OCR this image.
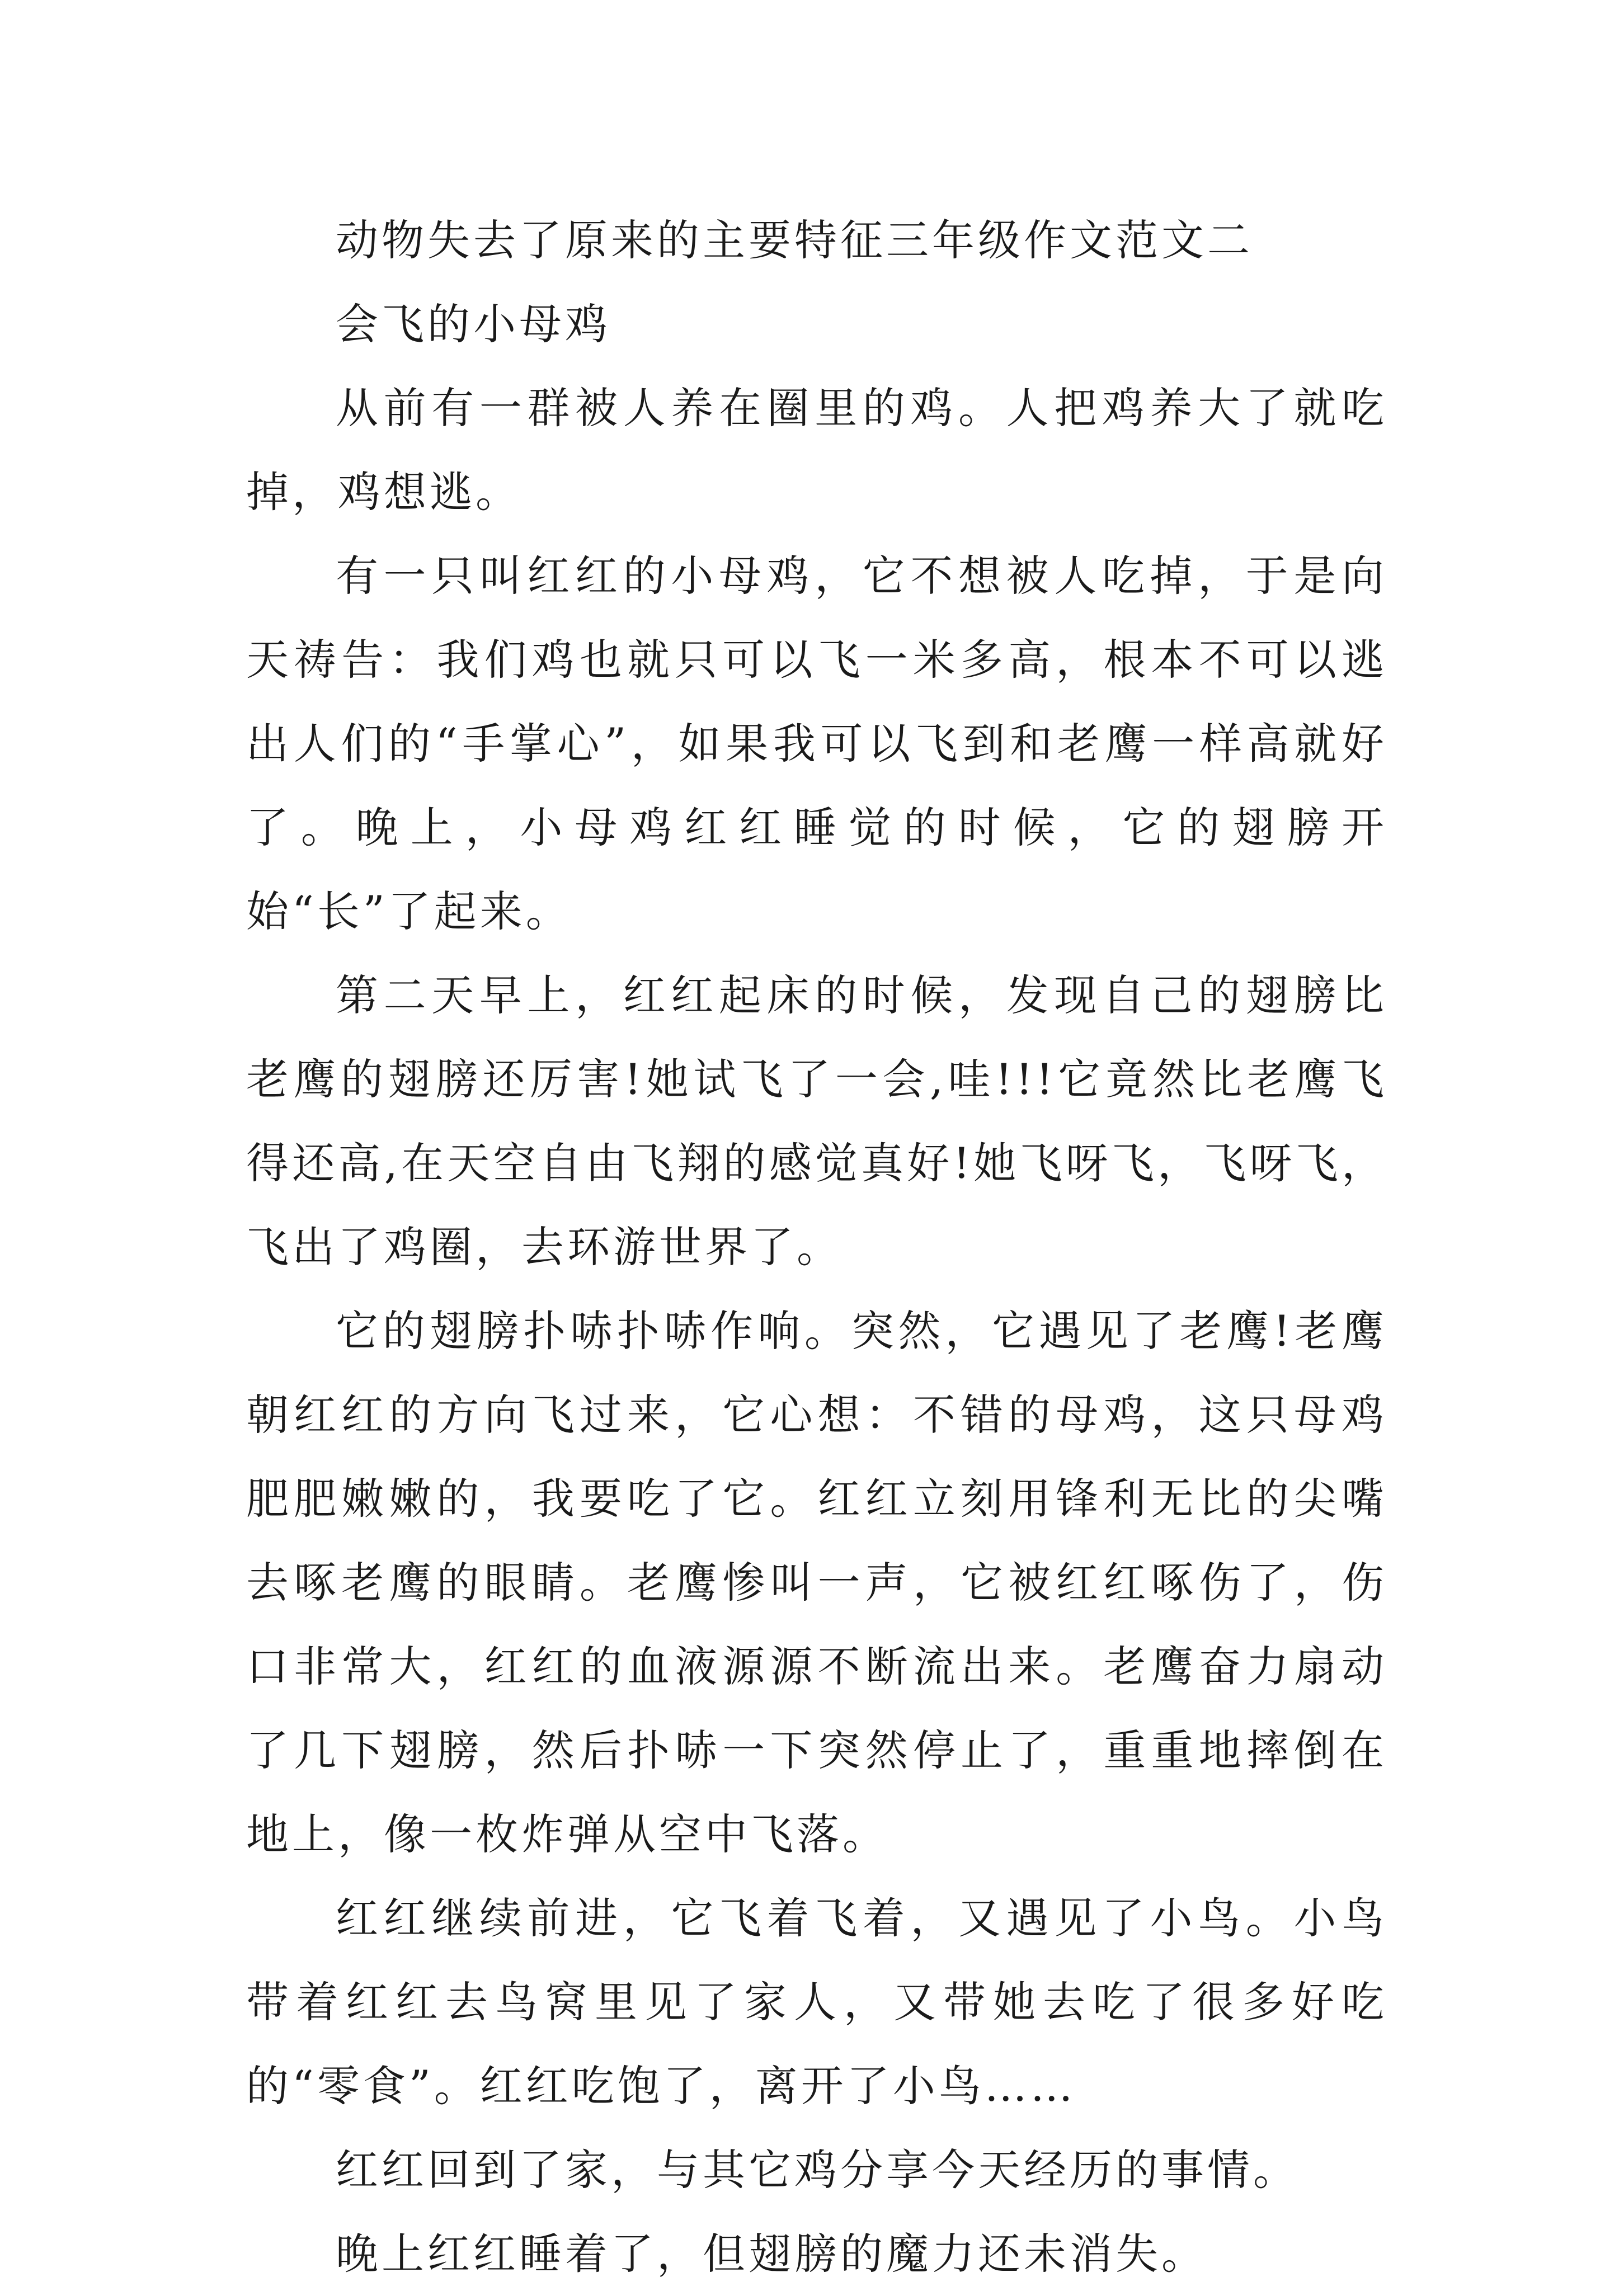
动物失去了原来的主要特征三年级作文范文二

会飞的小母鸡

从前有一群被人养在圈里的鸡。人把鸡养大了就吃掉，鸡想逃。

有一只叫红红的小母鸡，它不想被人吃掉，于是向天祷告：我们鸡也就只可以飞一米多高，根本不可以逃出人们的“手掌心”，如果我可以飞到和老鹰一样高就好了。晚上，小母鸡红红睡觉的时候，它的翅膀开始“长”了起来。

第二天早上，红红起床的时候，发现自己的翅膀比老鹰的翅膀还厉害!她试飞了一会,哇!!!它竟然比老鹰飞得还高,在天空自由飞翔的感觉真好!她飞呀飞，飞呀飞，飞出了鸡圈，去环游世界了。

它的翅膀扑哧扑哧作响。突然，它遇见了老鹰!老鹰朝红红的方向飞过来，它心想：不错的母鸡，这只母鸡肥肥嫩嫩的，我要吃了它。红红立刻用锋利无比的尖嘴去啄老鹰的眼睛。老鹰惨叫一声，它被红红啄伤了，伤口非常大，红红的血液源源不断流出来。老鹰奋力扇动了几下翅膀，然后扑哧一下突然停止了，重重地摔倒在地上，像一枚炸弹从空中飞落。

红红继续前进，它飞着飞着，又遇见了小鸟。小鸟带着红红去鸟窝里见了家人，又带她去吃了很多好吃的“零食”。红红吃饱了，离开了小鸟……

红红回到了家，与其它鸡分享今天经历的事情。

晚上红红睡着了，但翅膀的魔力还未消失。
